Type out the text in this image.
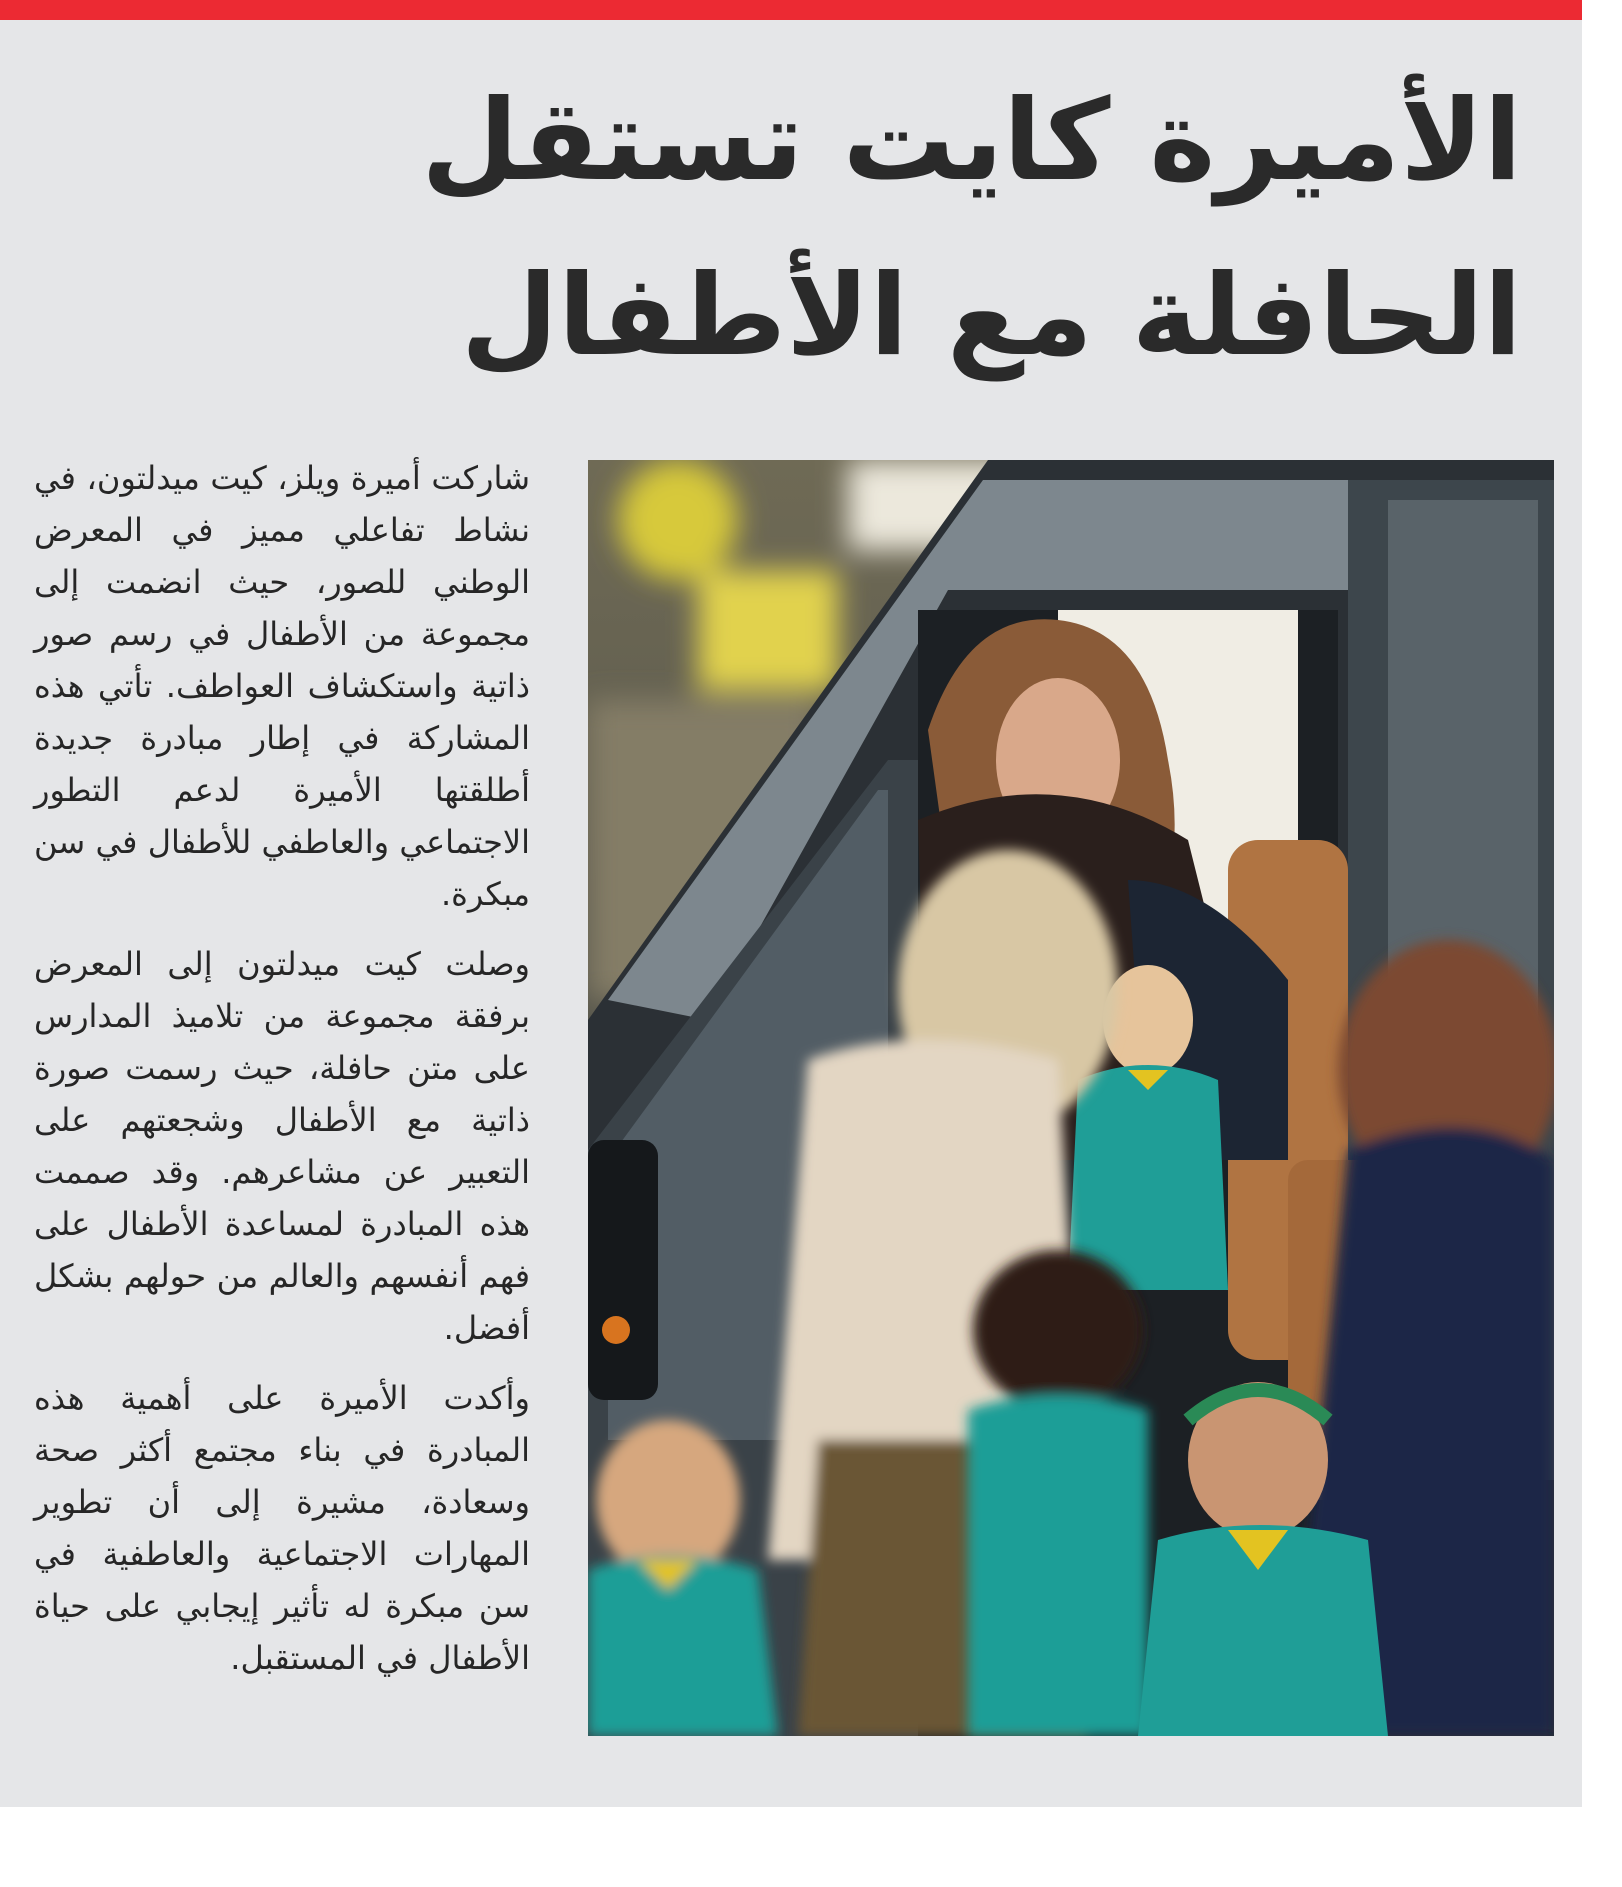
الأميرة كايت تستقل
الحافلة مع الأطفال

شاركت أميرة ويلز، كيت ميدلتون، في نشاط تفاعلي مميز في المعرض الوطني للصور، حيث انضمت إلى مجموعة من الأطفال في رسم صور ذاتية واستكشاف العواطف. تأتي هذه المشاركة في إطار مبادرة جديدة أطلقتها الأميرة لدعم التطور الاجتماعي والعاطفي للأطفال في سن مبكرة.

وصلت كيت ميدلتون إلى المعرض برفقة مجموعة من تلاميذ المدارس على متن حافلة، حيث رسمت صورة ذاتية مع الأطفال وشجعتهم على التعبير عن مشاعرهم. وقد صممت هذه المبادرة لمساعدة الأطفال على فهم أنفسهم والعالم من حولهم بشكل أفضل.

وأكدت الأميرة على أهمية هذه المبادرة في بناء مجتمع أكثر صحة وسعادة، مشيرة إلى أن تطوير المهارات الاجتماعية والعاطفية في سن مبكرة له تأثير إيجابي على حياة الأطفال في المستقبل.
